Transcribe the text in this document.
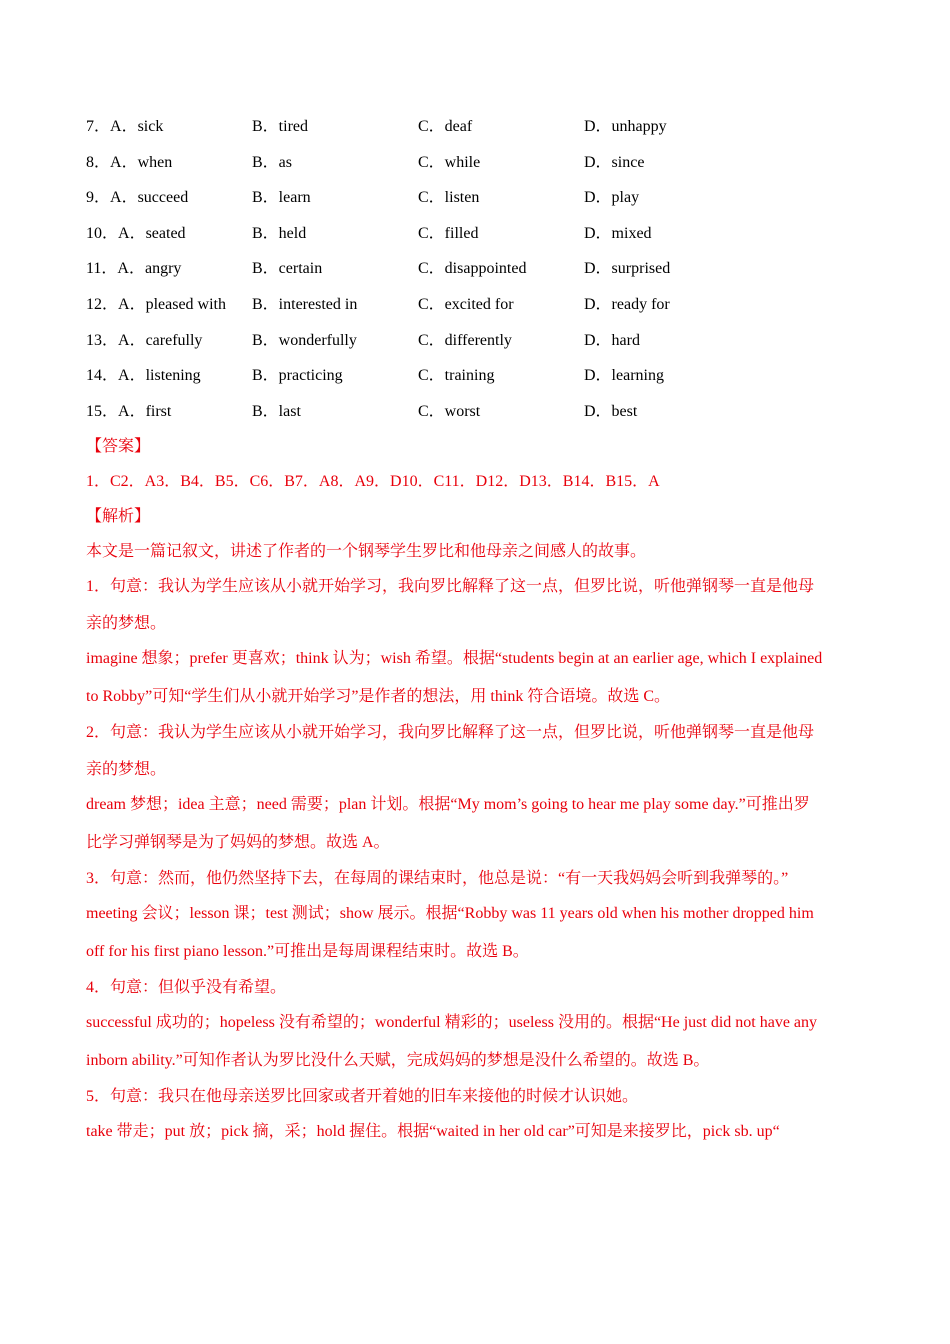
7．A．sick	B．tired	C．deaf	D．unhappy
8．A．when	B．as	C．while	D．since
9．A．succeed	B．learn	C．listen	D．play
10．A．seated	B．held	C．filled	D．mixed
11．A．angry	B．certain	C．disappointed	D．surprised
12．A．pleased with	B．interested in	C．excited for	D．ready for
13．A．carefully	B．wonderfully	C．differently	D．hard
14．A．listening	B．practicing	C．training	D．learning
15．A．first	B．last	C．worst	D．best
【答案】
1．C2．A3．B4．B5．C6．B7．A8．A9．D10．C11．D12．D13．B14．B15．A
【解析】
本文是一篇记叙文，讲述了作者的一个钢琴学生罗比和他母亲之间感人的故事。
1．句意：我认为学生应该从小就开始学习，我向罗比解释了这一点，但罗比说，听他弹钢琴一直是他母
亲的梦想。
imagine 想象；prefer 更喜欢；think 认为；wish 希望。根据“students begin at an earlier age, which I explained
to Robby”可知“学生们从小就开始学习”是作者的想法，用 think 符合语境。故选 C。
2．句意：我认为学生应该从小就开始学习，我向罗比解释了这一点，但罗比说，听他弹钢琴一直是他母
亲的梦想。
dream 梦想；idea 主意；need 需要；plan 计划。根据“My mom’s going to hear me play some day.”可推出罗
比学习弹钢琴是为了妈妈的梦想。故选 A。
3．句意：然而，他仍然坚持下去，在每周的课结束时，他总是说：“有一天我妈妈会听到我弹琴的。”
meeting 会议；lesson 课；test 测试；show 展示。根据“Robby was 11 years old when his mother dropped him
off for his first piano lesson.”可推出是每周课程结束时。故选 B。
4．句意：但似乎没有希望。
successful 成功的；hopeless 没有希望的；wonderful 精彩的；useless 没用的。根据“He just did not have any
inborn ability.”可知作者认为罗比没什么天赋，完成妈妈的梦想是没什么希望的。故选 B。
5．句意：我只在他母亲送罗比回家或者开着她的旧车来接他的时候才认识她。
take 带走；put 放；pick 摘，采；hold 握住。根据“waited in her old car”可知是来接罗比，pick sb. up“
